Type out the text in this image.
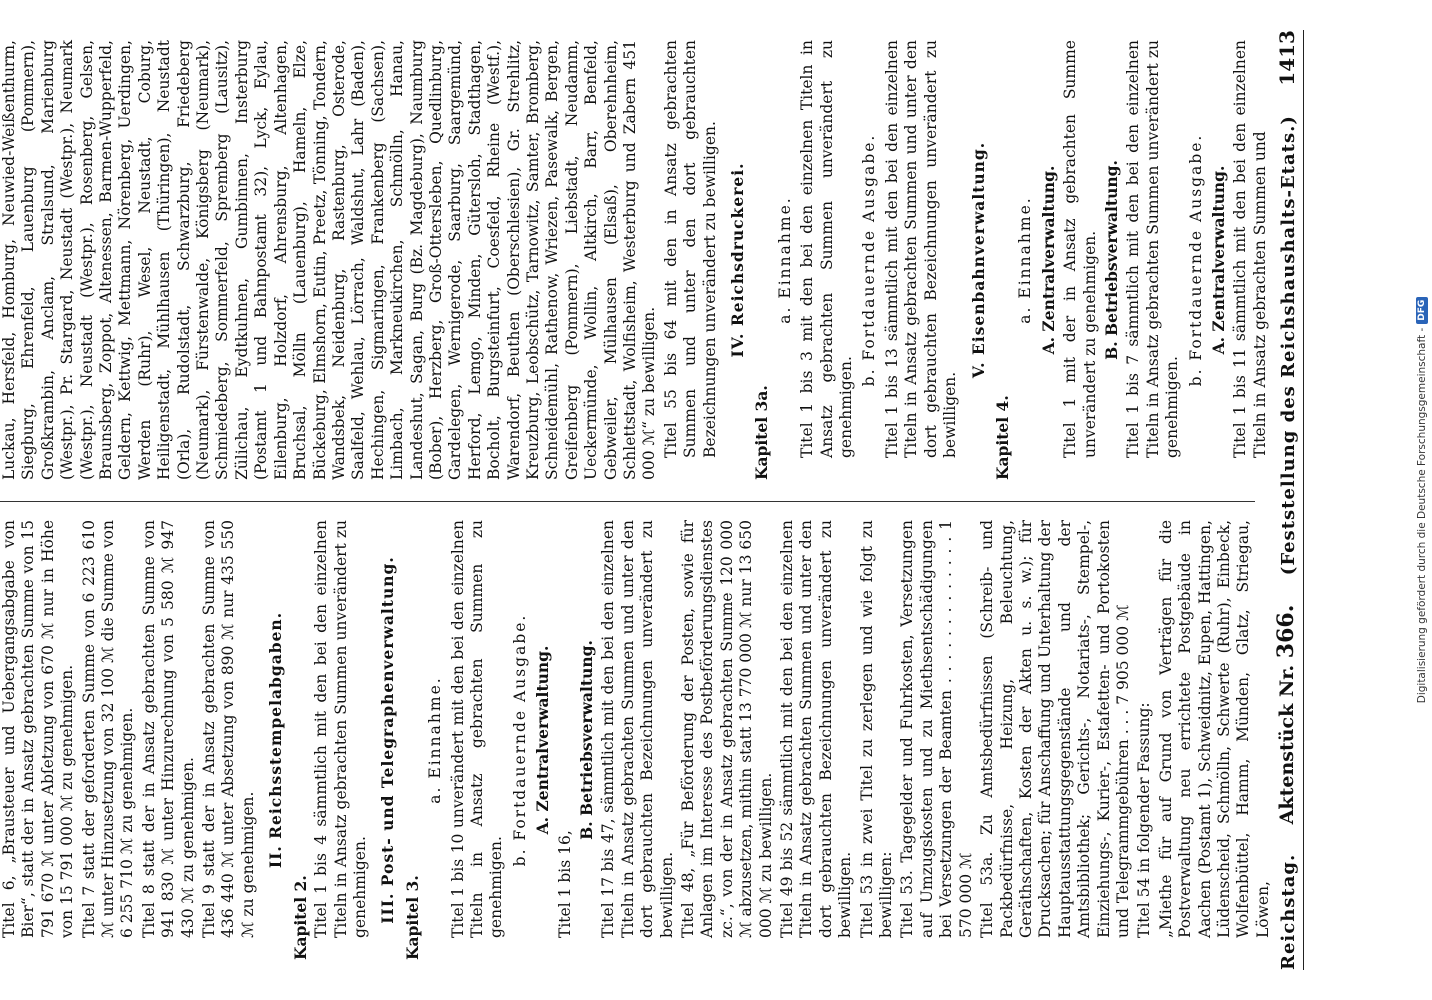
Reichstag.
Aktenstück Nr. 366.
(Feststellung des Reichshaushalts-Etats.)
1413

Titel 6, „Brausteuer und Uebergangsabgabe von Bier“, statt der in Ansatz gebrachten Summe von 15 791 670 ℳ unter Abſetzung von 670 ℳ nur in Höhe von 15 791 000 ℳ zu genehmigen. Titel 7 statt der geforderten Summe von 6 223 610 ℳ unter Hinzusetzung von 32 100 ℳ die Summe von 6 255 710 ℳ zu genehmigen. Titel 8 statt der in Ansatz gebrachten Summe von 941 830 ℳ unter Hinzurechnung von 5 580 ℳ 947 430 ℳ zu genehmigen. Titel 9 statt der in Ansatz gebrachten Summe von 436 440 ℳ unter Absetzung von 890 ℳ nur 435 550 ℳ zu genehmigen. II. Reichsstempelabgaben.
Kapitel 2. Titel 1 bis 4 sämmtlich mit den bei den einzelnen Titeln in Ansatz gebrachten Summen unverändert zu genehmigen. III. Post- und Telegraphenverwaltung. Kapitel 3.
a. Einnahme. Titel 1 bis 10 unverändert mit den bei den einzelnen Titeln in Ansatz gebrachten Summen zu genehmigen.

b. Fortdauernde Ausgabe. A. Zentralverwaltung.

Titel 1 bis 16,

B. Betriebsverwaltung. Titel 17 bis 47, sämmtlich mit den bei den einzelnen Titeln in Ansatz gebrachten Summen und unter den dort gebrauchten Bezeichnungen unverändert zu bewilligen. Titel 48, „Für Beförderung der Posten, sowie für Anlagen im Interesse des Postbeförderungsdienstes zc.“, von der in Ansatz gebrachten Summe 120 000 ℳ abzusetzen, mithin statt 13 770 000 ℳ nur 13 650 000 ℳ zu bewilligen. Titel 49 bis 52 sämmtlich mit den bei den einzelnen Titeln in Ansatz gebrachten Summen und unter den dort gebrauchten Bezeichnungen unverändert zu bewilligen. Titel 53 in zwei Titel zu zerlegen und wie folgt zu bewilligen: Titel 53. Tagegelder und Fuhrkosten, Versetzungen auf Umzugskosten und zu Miethsentschädigungen bei Versetzungen der Beamten . . . . . . . . . . . . . 1 570 000 ℳ Titel 53a. Zu Amtsbedürfnissen (Schreib- und Packbedürfnisse, Heizung, Beleuchtung, Geräthschaften, Kosten der Akten u. s. w.); für Drucksachen; für Anschaffung und Unterhaltung der Hauptausstattungsgegenstände und der Amtsbibliothek; Gerichts-, Notariats-, Stempel-, Einziehungs-, Kurier-, Estafetten- und Portokosten und Telegrammgebühren . . . 7 905 000 ℳ Titel 54 in folgender Fassung: „Miethe für auf Grund von Verträgen für die Postverwaltung neu errichtete Postgebäude in Aachen (Postamt 1), Schweidnitz, Eupen, Hattingen, Lüdenscheid, Schmölln, Schwerte (Ruhr), Einbeck, Wolfenbüttel, Hamm, Münden, Glatz, Striegau, Löwen,

Luckau, Hersfeld, Homburg, Neuwied-Weißenthurm, Siegburg, Ehrenfeld, Lauenburg (Pommern), Großkrambin, Anclam, Stralsund, Marienburg (Westpr.), Pr. Stargard, Neustadt (Westpr.), Neumark (Westpr.), Neustadt (Westpr.), Rosenberg, Gelsen, Braunsberg, Zoppot, Altenessen, Barmen-Wupperfeld, Geldern, Kettwig, Mettmann, Nörenberg, Uerdingen, Werden (Ruhr), Wesel, Neustadt, Coburg, Heiligenstadt, Mühlhausen (Thüringen), Neustadt (Orla), Rudolstadt, Schwarzburg, Friedeberg (Neumark), Fürstenwalde, Königsberg (Neumark), Schmiedeberg, Sommerfeld, Spremberg (Lausitz), Zülichau, Eydtkuhnen, Gumbinnen, Insterburg (Postamt 1 und Bahnpostamt 32), Lyck, Eylau, Eilenburg, Holzdorf, Ahrensburg, Altenhagen, Bruchsal, Mölln (Lauenburg), Hameln, Elze, Bückeburg, Elmshorn, Eutin, Preetz, Tönning, Tondern, Wandsbek, Neidenburg, Rastenburg, Osterode, Saalfeld, Wehlau, Lörrach, Waldshut, Lahr (Baden), Hechingen, Sigmaringen, Frankenberg (Sachsen), Limbach, Markneukirchen, Schmölln, Hanau, Landeshut, Sagan, Burg (Bz. Magdeburg), Naumburg (Bober), Herzberg, Groß-Ottersleben, Quedlinburg, Gardelegen, Wernigerode, Saarburg, Saargemünd, Herford, Lemgo, Minden, Gütersloh, Stadthagen, Bocholt, Burgsteinfurt, Coesfeld, Rheine (Westf.), Warendorf, Beuthen (Oberschlesien), Gr. Strehlitz, Kreuzburg, Leobschütz, Tarnowitz, Samter, Bromberg, Schneidemühl, Rathenow, Wriezen, Pasewalk, Bergen, Greifenberg (Pommern), Liebstadt, Neudamm, Ueckermünde, Wollin, Altkirch, Barr, Benfeld, Gebweiler, Mülhausen (Elsaß), Oberehnheim, Schlettstadt, Wolfisheim, Westerburg und Zabern 451 000 ℳ“ zu bewilligen. Titel 55 bis 64 mit den in Ansatz gebrachten Summen und unter den dort gebrauchten Bezeichnungen unverändert zu bewilligen. IV. Reichsdruckerei.
Kapitel 3a.
a. Einnahme. Titel 1 bis 3 mit den bei den einzelnen Titeln in Ansatz gebrachten Summen unverändert zu genehmigen.

b. Fortdauernde Ausgabe. Titel 1 bis 13 sämmtlich mit den bei den einzelnen Titeln in Ansatz gebrachten Summen und unter den dort gebrauchten Bezeichnungen unverändert zu bewilligen.

V. Eisenbahnverwaltung.
Kapitel 4.
a. Einnahme. A. Zentralverwaltung. Titel 1 mit der in Ansatz gebrachten Summe unverändert zu genehmigen. B. Betriebsverwaltung. Titel 1 bis 7 sämmtlich mit den bei den einzelnen Titeln in Ansatz gebrachten Summen unverändert zu genehmigen.

b. Fortdauernde Ausgabe. A. Zentralverwaltung. Titel 1 bis 11 sämmtlich mit den bei den einzelnen Titeln in Ansatz gebrachten Summen und

Digitalisierung gefördert durch die Deutsche Forschungsgemeinschaft -
DFG
